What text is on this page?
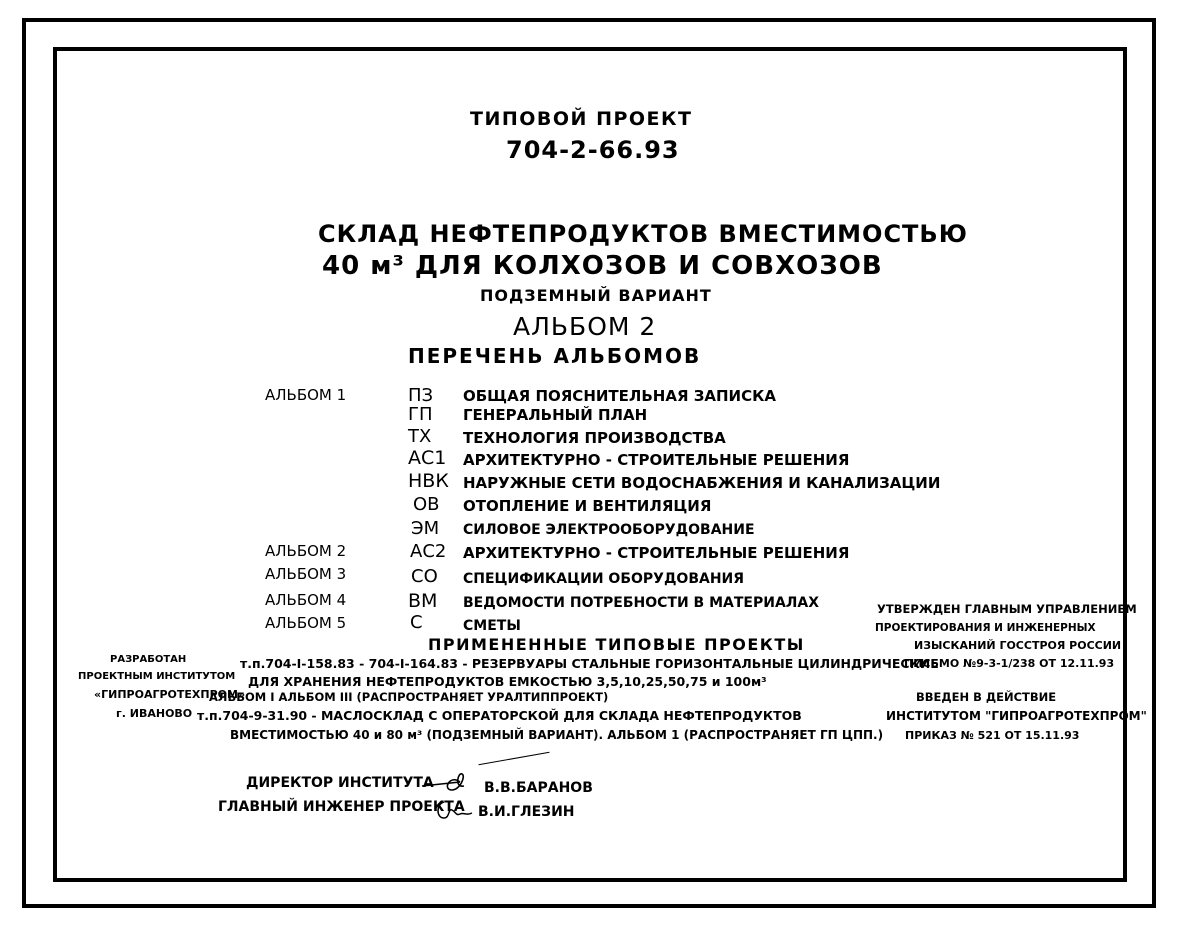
ТИПОВОЙ ПРОЕКТ
704-2-66.93
СКЛАД НЕФТЕПРОДУКТОВ ВМЕСТИМОСТЬЮ
40 м³ ДЛЯ КОЛХОЗОВ И СОВХОЗОВ
ПОДЗЕМНЫЙ ВАРИАНТ
АЛЬБОМ 2
ПЕРЕЧЕНЬ АЛЬБОМОВ
АЛЬБОМ 1	ПЗ ОБЩАЯ ПОЯСНИТЕЛЬНАЯ ЗАПИСКА
ГП ГЕНЕРАЛЬНЫЙ ПЛАН
ТХ ТЕХНОЛОГИЯ ПРОИЗВОДСТВА
АС1 АРХИТЕКТУРНО - СТРОИТЕЛЬНЫЕ РЕШЕНИЯ
НВК НАРУЖНЫЕ СЕТИ ВОДОСНАБЖЕНИЯ И КАНАЛИЗАЦИИ
ОВ ОТОПЛЕНИЕ И ВЕНТИЛЯЦИЯ
ЭМ СИЛОВОЕ ЭЛЕКТРООБОРУДОВАНИЕ
АЛЬБОМ 2	АС2 АРХИТЕКТУРНО - СТРОИТЕЛЬНЫЕ РЕШЕНИЯ
АЛЬБОМ 3	СО СПЕЦИФИКАЦИИ ОБОРУДОВАНИЯ
АЛЬБОМ 4	ВМ ВЕДОМОСТИ ПОТРЕБНОСТИ В МАТЕРИАЛАХ
АЛЬБОМ 5	С	СМЕТЫ
ПРИМЕНЕННЫЕ ТИПОВЫЕ ПРОЕКТЫ
РАЗРАБОТАН
ПРОЕКТНЫМ ИНСТИТУТОМ
«ГИПРОАГРОТЕХПРОМ»
г. ИВАНОВО
т.п.704-I-158.83 - 704-I-164.83 - РЕЗЕРВУАРЫ СТАЛЬНЫЕ ГОРИЗОНТАЛЬНЫЕ ЦИЛИНДРИЧЕСКИЕ
ДЛЯ ХРАНЕНИЯ НЕФТЕПРОДУКТОВ ЕМКОСТЬЮ 3,5,10,25,50,75 и 100м³
АЛЬБОМ I АЛЬБОМ III (РАСПРОСТРАНЯЕТ УРАЛТИППРОЕКТ)
т.п.704-9-31.90 - МАСЛОСКЛАД С ОПЕРАТОРСКОЙ ДЛЯ СКЛАДА НЕФТЕПРОДУКТОВ
ВМЕСТИМОСТЬЮ 40 и 80 м³ (ПОДЗЕМНЫЙ ВАРИАНТ). АЛЬБОМ 1 (РАСПРОСТРАНЯЕТ ГП ЦПП.)
УТВЕРЖДЕН ГЛАВНЫМ УПРАВЛЕНИЕМ
ПРОЕКТИРОВАНИЯ И ИНЖЕНЕРНЫХ
ИЗЫСКАНИЙ ГОССТРОЯ РОССИИ
ПИСЬМО №9-3-1/238 ОТ 12.11.93
ВВЕДЕН В ДЕЙСТВИЕ
ИНСТИТУТОМ "ГИПРОАГРОТЕХПРОМ"
ПРИКАЗ № 521 ОТ 15.11.93
ДИРЕКТОР ИНСТИТУТА	В.В.БАРАНОВ
ГЛАВНЫЙ ИНЖЕНЕР ПРОЕКТА В.И.ГЛЕЗИН
